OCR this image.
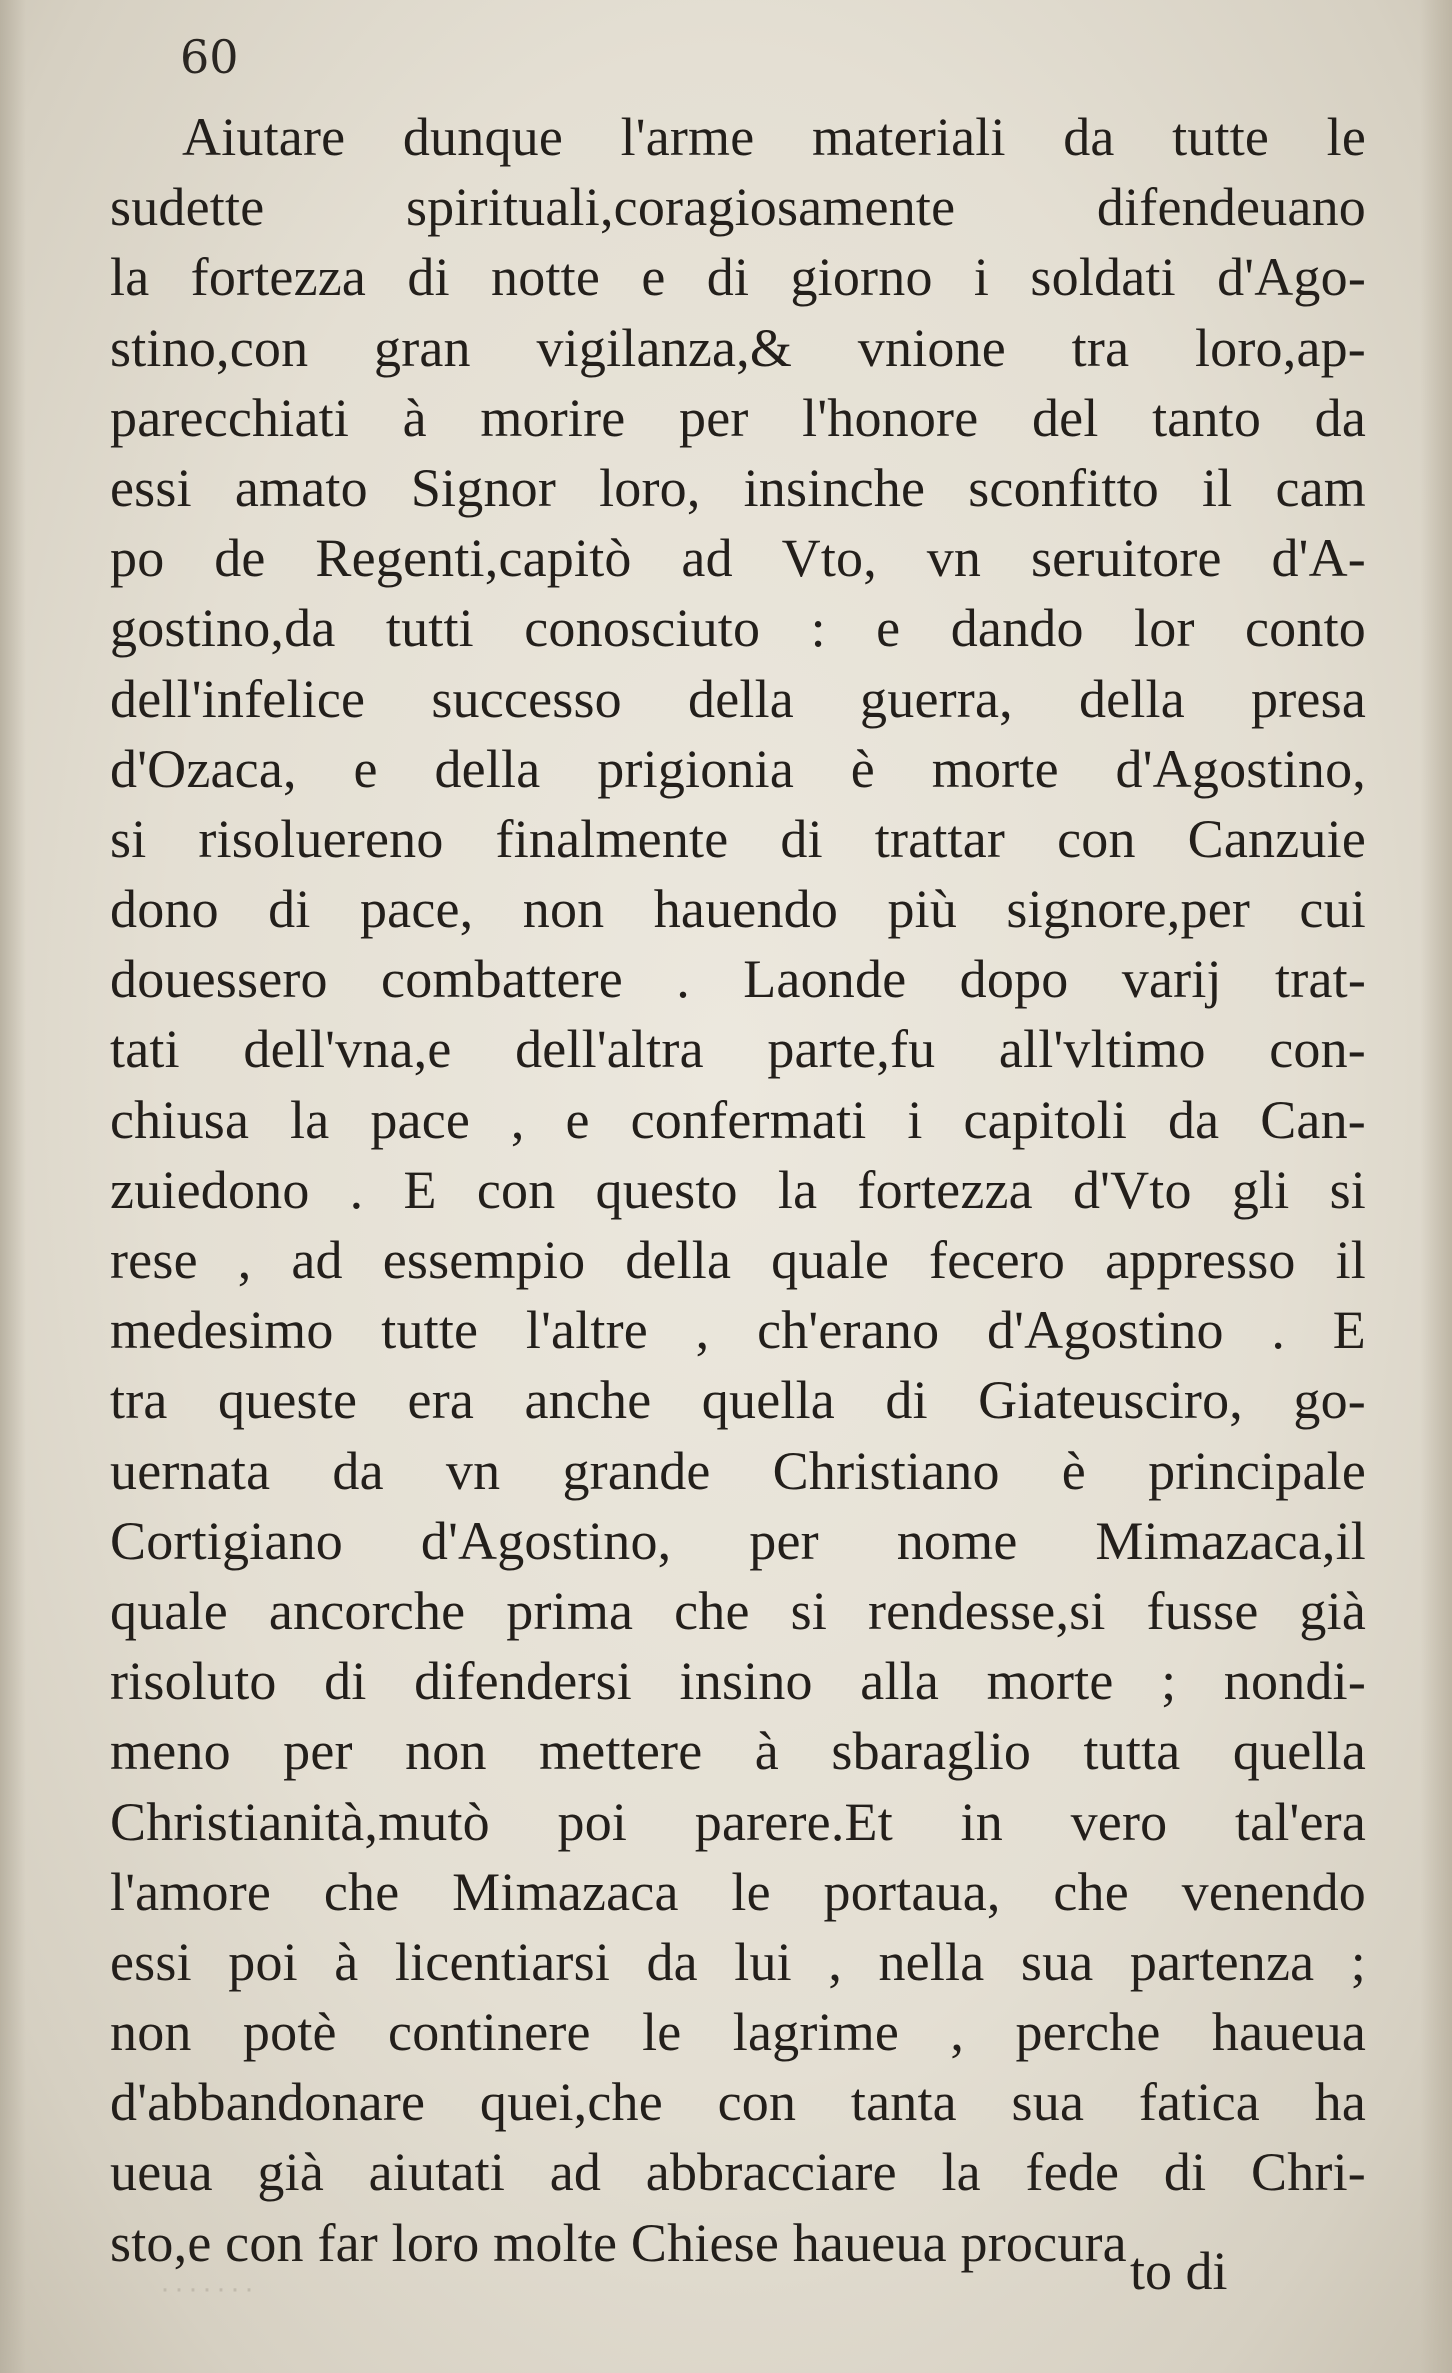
60
Aiutare dunque l'arme materiali da tutte le
sudette spirituali,coragiosamente difendeuano
la fortezza di notte e di giorno i soldati d'Ago-
stino,con gran vigilanza,& vnione tra loro,ap-
parecchiati à morire per l'honore del tanto da
essi amato Signor loro, insinche sconfitto il cam
po de Regenti,capitò ad Vto, vn seruitore d'A-
gostino,da tutti conosciuto : e dando lor conto
dell'infelice successo della guerra, della presa
d'Ozaca, e della prigionia è morte d'Agostino,
si risoluereno finalmente di trattar con Canzuie
dono di pace, non hauendo più signore,per cui
douessero combattere . Laonde dopo varij trat-
tati dell'vna,e dell'altra parte,fu all'vltimo con-
chiusa la pace , e confermati i capitoli da Can-
zuiedono . E con questo la fortezza d'Vto gli si
rese , ad essempio della quale fecero appresso il
medesimo tutte l'altre , ch'erano d'Agostino . E
tra queste era anche quella di Giateusciro, go-
uernata da vn grande Christiano è principale
Cortigiano d'Agostino, per nome Mimazaca,il
quale ancorche prima che si rendesse,si fusse già
risoluto di difendersi insino alla morte ; nondi-
meno per non mettere à sbaraglio tutta quella
Christianità,mutò poi parere.Et in vero tal'era
l'amore che Mimazaca le portaua, che venendo
essi poi à licentiarsi da lui , nella sua partenza ;
non potè continere le lagrime , perche haueua
d'abbandonare quei,che con tanta sua fatica ha
ueua già aiutati ad abbracciare la fede di Chri-
sto,e con far loro molte Chiese haueua procura to di
·······
